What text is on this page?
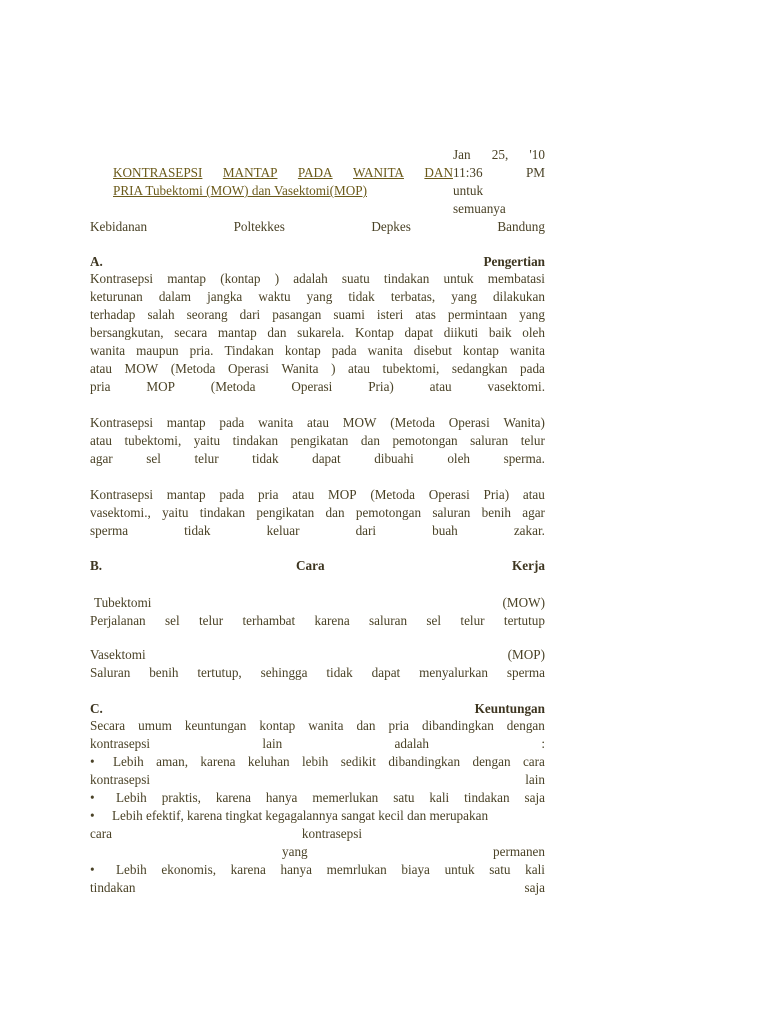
Jan 25, '10
KONTRASEPSI MANTAP PADA WANITA DAN 11:36	PM
PRIA Tubektomi (MOW) dan Vasektomi(MOP)	untuk
semuanya
Kebidanan	Poltekkes	Depkes	Bandung
A.	Pengertian
Kontrasepsi mantap (kontap ) adalah suatu tindakan untuk membatasi
keturunan dalam jangka waktu yang tidak terbatas, yang dilakukan
terhadap salah seorang dari pasangan suami isteri atas permintaan yang
bersangkutan, secara mantap dan sukarela. Kontap dapat diikuti baik oleh
wanita maupun pria. Tindakan kontap pada wanita disebut kontap wanita
atau MOW (Metoda Operasi Wanita ) atau tubektomi, sedangkan pada
pria	MOP	(Metoda	Operasi	Pria)	atau	vasektomi.
Kontrasepsi mantap pada wanita atau MOW (Metoda Operasi Wanita)
atau tubektomi, yaitu tindakan pengikatan dan pemotongan saluran telur
agar	sel	telur	tidak	dapat	dibuahi	oleh	sperma.
Kontrasepsi mantap pada pria atau MOP (Metoda Operasi Pria) atau
vasektomi., yaitu tindakan pengikatan dan pemotongan saluran benih agar
sperma	tidak	keluar	dari	buah	zakar.
B.	Cara	Kerja
Tubektomi	(MOW)
Perjalanan sel telur terhambat karena saluran sel telur tertutup
Vasektomi	(MOP)
Saluran benih tertutup, sehingga tidak dapat menyalurkan sperma
C.	Keuntungan
Secara umum keuntungan kontap wanita dan pria dibandingkan dengan
kontrasepsi	lain	adalah	:
• Lebih aman, karena keluhan lebih sedikit dibandingkan dengan cara
kontrasepsi	lain
• Lebih praktis, karena hanya memerlukan satu kali tindakan saja
• Lebih efektif, karena tingkat kegagalannya sangat kecil dan merupakan
cara	kontrasepsi
yang	permanen
• Lebih ekonomis, karena hanya memrlukan biaya untuk satu kali
tindakan	saja
